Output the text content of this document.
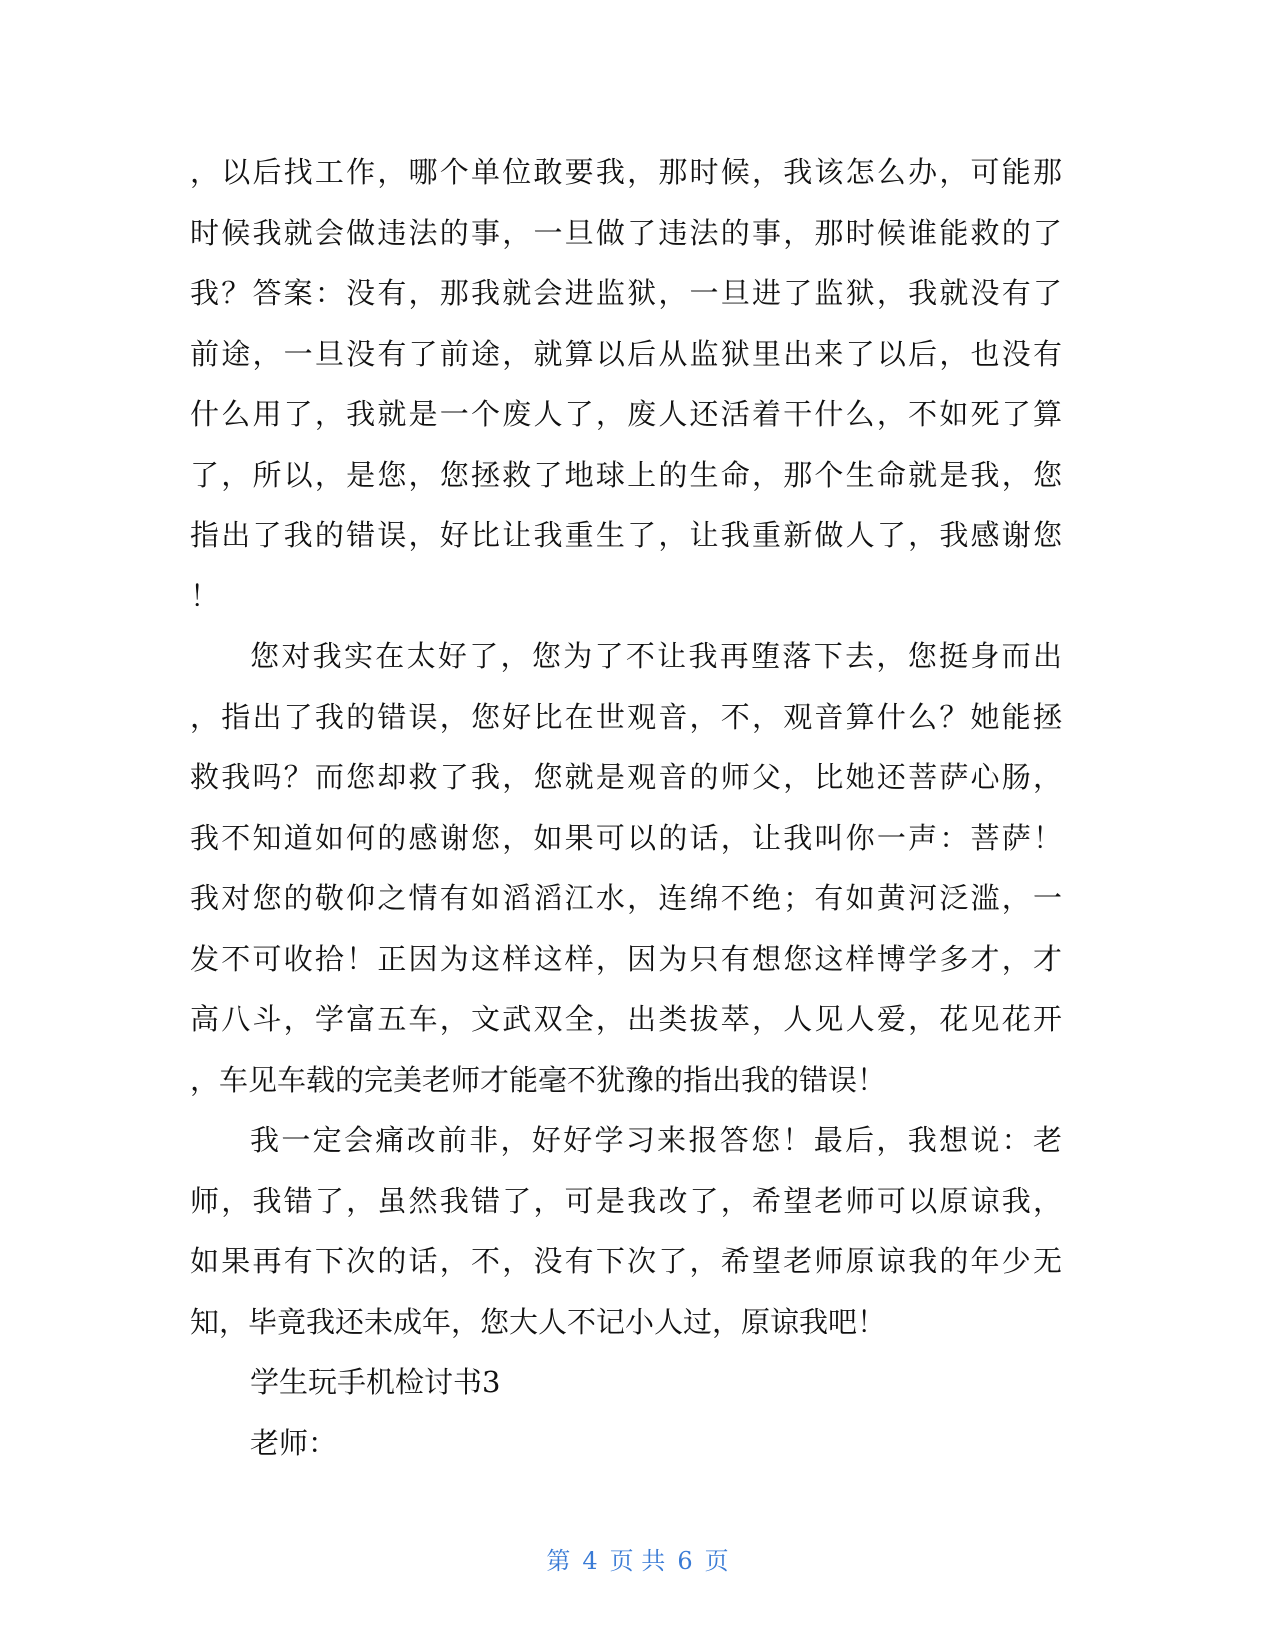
，以后找工作，哪个单位敢要我，那时候，我该怎么办，可能那
时候我就会做违法的事，一旦做了违法的事，那时候谁能救的了
我？答案：没有，那我就会进监狱，一旦进了监狱，我就没有了
前途，一旦没有了前途，就算以后从监狱里出来了以后，也没有
什么用了，我就是一个废人了，废人还活着干什么，不如死了算
了，所以，是您，您拯救了地球上的生命，那个生命就是我，您
指出了我的错误，好比让我重生了，让我重新做人了，我感谢您
！
您对我实在太好了，您为了不让我再堕落下去，您挺身而出
，指出了我的错误，您好比在世观音，不，观音算什么？她能拯
救我吗？而您却救了我，您就是观音的师父，比她还菩萨心肠，
我不知道如何的感谢您，如果可以的话，让我叫你一声：菩萨！
我对您的敬仰之情有如滔滔江水，连绵不绝；有如黄河泛滥，一
发不可收拾！正因为这样这样，因为只有想您这样博学多才，才
高八斗，学富五车，文武双全，出类拔萃，人见人爱，花见花开
，车见车载的完美老师才能毫不犹豫的指出我的错误！
我一定会痛改前非，好好学习来报答您！最后，我想说：老
师，我错了，虽然我错了，可是我改了，希望老师可以原谅我，
如果再有下次的话，不，没有下次了，希望老师原谅我的年少无
知，毕竟我还未成年，您大人不记小人过，原谅我吧！
学生玩手机检讨书3
老师：
第 4 页 共 6 页
